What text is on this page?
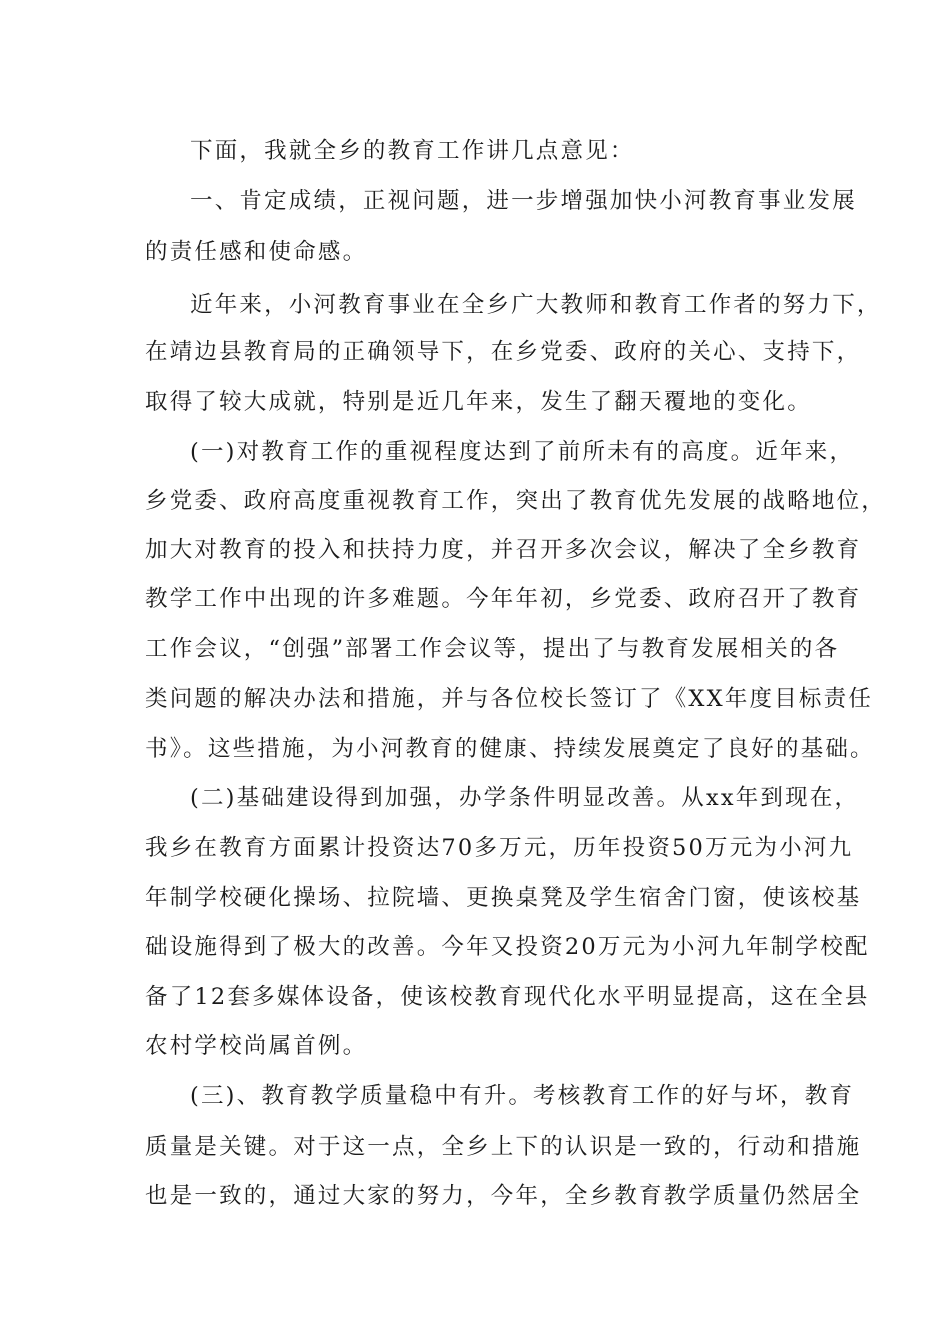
下面，我就全乡的教育工作讲几点意见：
一、肯定成绩，正视问题，进一步增强加快小河教育事业发展
的责任感和使命感。
近年来，小河教育事业在全乡广大教师和教育工作者的努力下，
在靖边县教育局的正确领导下，在乡党委、政府的关心、支持下，
取得了较大成就，特别是近几年来，发生了翻天覆地的变化。
(一)对教育工作的重视程度达到了前所未有的高度。近年来，
乡党委、政府高度重视教育工作，突出了教育优先发展的战略地位，
加大对教育的投入和扶持力度，并召开多次会议，解决了全乡教育
教学工作中出现的许多难题。今年年初，乡党委、政府召开了教育
工作会议，“创强”部署工作会议等，提出了与教育发展相关的各
类问题的解决办法和措施，并与各位校长签订了《XX年度目标责任
书》。这些措施，为小河教育的健康、持续发展奠定了良好的基础。
(二)基础建设得到加强，办学条件明显改善。从xx年到现在，
我乡在教育方面累计投资达70多万元，历年投资50万元为小河九
年制学校硬化操场、拉院墙、更换桌凳及学生宿舍门窗，使该校基
础设施得到了极大的改善。今年又投资20万元为小河九年制学校配
备了12套多媒体设备，使该校教育现代化水平明显提高，这在全县
农村学校尚属首例。
(三)、教育教学质量稳中有升。考核教育工作的好与坏，教育
质量是关键。对于这一点，全乡上下的认识是一致的，行动和措施
也是一致的，通过大家的努力，今年，全乡教育教学质量仍然居全
